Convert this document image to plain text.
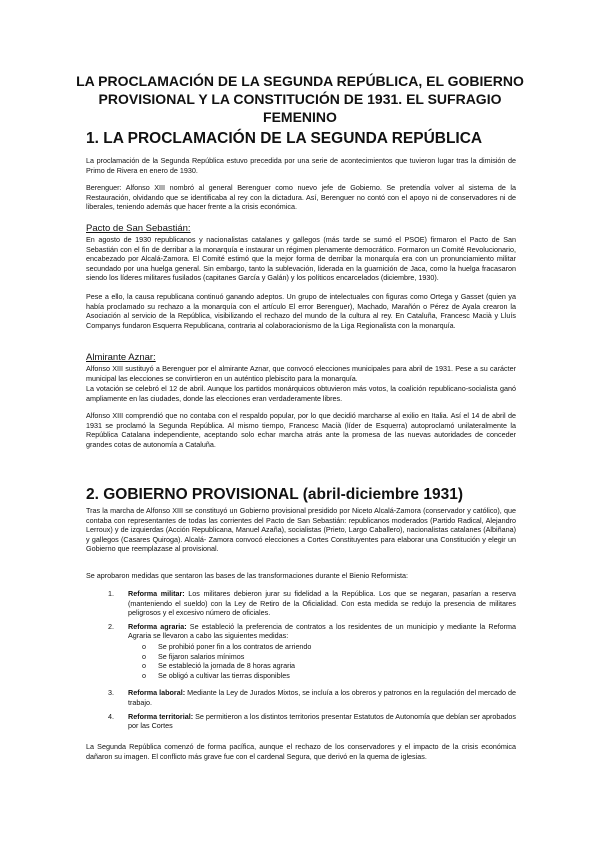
LA PROCLAMACIÓN DE LA SEGUNDA REPÚBLICA, EL GOBIERNO PROVISIONAL Y LA CONSTITUCIÓN DE 1931. EL SUFRAGIO FEMENINO
1. LA PROCLAMACIÓN DE LA SEGUNDA REPÚBLICA

La proclamación de la Segunda República estuvo precedida por una serie de acontecimientos que tuvieron lugar tras la dimisión de Primo de Rivera en enero de 1930.

Berenguer: Alfonso XIII nombró al general Berenguer como nuevo jefe de Gobierno. Se pretendía volver al sistema de la Restauración, olvidando que se identificaba al rey con la dictadura. Así, Berenguer no contó con el apoyo ni de conservadores ni de liberales, teniendo además que hacer frente a la crisis económica.

Pacto de San Sebastián:

En agosto de 1930 republicanos y nacionalistas catalanes y gallegos (más tarde se sumó el PSOE) firmaron el Pacto de San Sebastián con el fin de derribar a la monarquía e instaurar un régimen plenamente democrático. Formaron un Comité Revolucionario, encabezado por Alcalá-Zamora. El Comité estimó que la mejor forma de derribar la monarquía era con un pronunciamiento militar secundado por una huelga general. Sin embargo, tanto la sublevación, liderada en la guarnición de Jaca, como la huelga fracasaron siendo los líderes militares fusilados (capitanes García y Galán) y los políticos encarcelados (diciembre, 1930).

Pese a ello, la causa republicana continuó ganando adeptos. Un grupo de intelectuales con figuras como Ortega y Gasset (quien ya había proclamado su rechazo a la monarquía con el artículo El error Berenguer), Machado, Marañón o Pérez de Ayala crearon la Asociación al servicio de la República, visibilizando el rechazo del mundo de la cultura al rey. En Cataluña, Francesc Macià y Lluís Companys fundaron Esquerra Republicana, contraria al colaboracionismo de la Liga Regionalista con la monarquía.

Almirante Aznar:

Alfonso XIII sustituyó a Berenguer por el almirante Aznar, que convocó elecciones municipales para abril de 1931. Pese a su carácter municipal las elecciones se convirtieron en un auténtico plebiscito para la monarquía.

La votación se celebró el 12 de abril. Aunque los partidos monárquicos obtuvieron más votos, la coalición republicano-socialista ganó ampliamente en las ciudades, donde las elecciones eran verdaderamente libres.

Alfonso XIII comprendió que no contaba con el respaldo popular, por lo que decidió marcharse al exilio en Italia. Así el 14 de abril de 1931 se proclamó la Segunda República. Al mismo tiempo, Francesc Macià (líder de Esquerra) autoproclamó unilateralmente la República Catalana independiente, aceptando solo echar marcha atrás ante la promesa de las nuevas autoridades de conceder grandes cotas de autonomía a Cataluña.

2. GOBIERNO PROVISIONAL (abril-diciembre 1931)

Tras la marcha de Alfonso XIII se constituyó un Gobierno provisional presidido por Niceto Alcalá-Zamora (conservador y católico), que contaba con representantes de todas las corrientes del Pacto de San Sebastián: republicanos moderados (Partido Radical, Alejandro Lerroux) y de izquierdas (Acción Republicana, Manuel Azaña), socialistas (Prieto, Largo Caballero), nacionalistas catalanes (Albiñana) y gallegos (Casares Quiroga). Alcalá- Zamora convocó elecciones a Cortes Constituyentes para elaborar una Constitución y elegir un Gobierno que reemplazase al provisional.

Se aprobaron medidas que sentaron las bases de las transformaciones durante el Bienio Reformista:

1. Reforma militar: Los militares debieron jurar su fidelidad a la República. Los que se negaran, pasarían a reserva (manteniendo el sueldo) con la Ley de Retiro de la Oficialidad. Con esta medida se redujo la presencia de militares peligrosos y el excesivo número de oficiales.
2. Reforma agraria: Se estableció la preferencia de contratos a los residentes de un municipio y mediante la Reforma Agraria se llevaron a cabo las siguientes medidas:
o Se prohibió poner fin a los contratos de arriendo
o Se fijaron salarios mínimos
o Se estableció la jornada de 8 horas agraria
o Se obligó a cultivar las tierras disponibles
3. Reforma laboral: Mediante la Ley de Jurados Mixtos, se incluía a los obreros y patronos en la regulación del mercado de trabajo.
4. Reforma territorial: Se permitieron a los distintos territorios presentar Estatutos de Autonomía que debían ser aprobados por las Cortes

La Segunda República comenzó de forma pacífica, aunque el rechazo de los conservadores y el impacto de la crisis económica dañaron su imagen. El conflicto más grave fue con el cardenal Segura, que derivó en la quema de iglesias.
